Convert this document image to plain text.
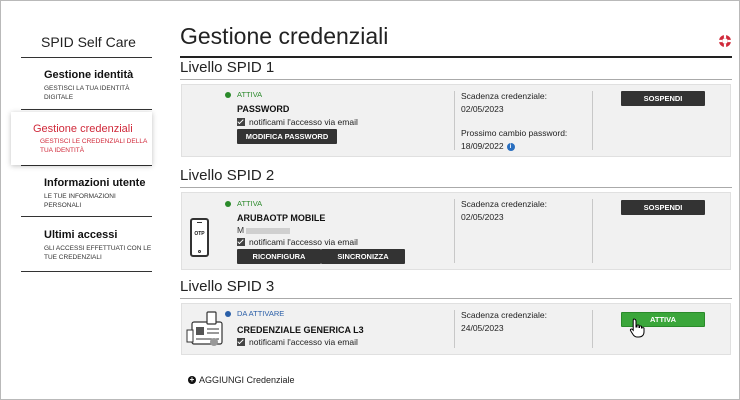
SPID Self Care
Gestione identità
GESTISCI LA TUA IDENTITÀ DIGITALE
Informazioni utente
LE TUE INFORMAZIONI PERSONALI
Ultimi accessi
GLI ACCESSI EFFETTUATI CON LE TUE CREDENZIALI
Gestione credenziali
GESTISCI LE CREDENZIALI DELLA TUA IDENTITÀ
Gestione credenziali
Livello SPID 1
ATTIVA
PASSWORD
notificami l'accesso via email
MODIFICA PASSWORD
Scadenza credenziale:
02/05/2023
Prossimo cambio password:
18/09/2022 i
SOSPENDI
Livello SPID 2
OTP
ATTIVA
ARUBAOTP MOBILE
M
notificami l'accesso via email
RICONFIGURA	SINCRONIZZA
Scadenza credenziale:
02/05/2023
SOSPENDI
Livello SPID 3
DA ATTIVARE
CREDENZIALE GENERICA L3
notificami l'accesso via email
Scadenza credenziale:
24/05/2023
ATTIVA
+ AGGIUNGI Credenziale
